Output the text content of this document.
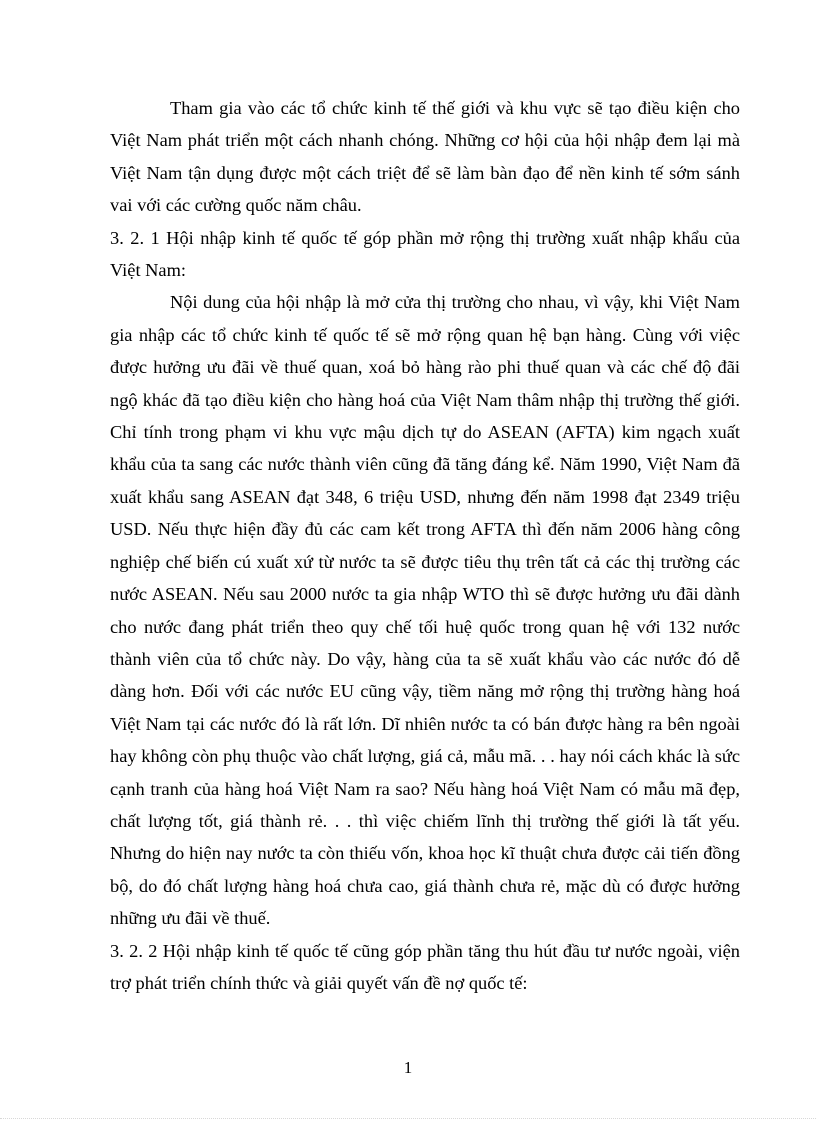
Tham gia vào các tổ chức kinh tế thế giới và khu vực sẽ tạo điều kiện cho Việt Nam phát triển một cách nhanh chóng. Những cơ hội của hội nhập đem lại mà Việt Nam tận dụng được một cách triệt để sẽ làm bàn đạo để nền kinh tế sớm sánh vai với các cường quốc năm châu.

3. 2. 1 Hội nhập kinh tế quốc tế góp phần mở rộng thị trường xuất nhập khẩu của Việt Nam:

Nội dung của hội nhập là mở cửa thị trường cho nhau, vì vậy, khi Việt Nam gia nhập các tổ chức kinh tế quốc tế sẽ mở rộng quan hệ bạn hàng. Cùng với việc được hưởng ưu đãi về thuế quan, xoá bỏ hàng rào phi thuế quan và các chế độ đãi ngộ khác đã tạo điều kiện cho hàng hoá của Việt Nam thâm nhập thị trường thế giới. Chỉ tính trong phạm vi khu vực mậu dịch tự do ASEAN (AFTA) kim ngạch xuất khẩu của ta sang các nước thành viên cũng đã tăng đáng kể. Năm 1990, Việt Nam đã xuất khẩu sang ASEAN đạt 348, 6 triệu USD, nhưng đến năm 1998 đạt 2349 triệu USD. Nếu thực hiện đầy đủ các cam kết trong AFTA thì đến năm 2006 hàng công nghiệp chế biến cú xuất xứ từ nước ta sẽ được tiêu thụ trên tất cả các thị trường các nước ASEAN. Nếu sau 2000 nước ta gia nhập WTO thì sẽ được hưởng ưu đãi dành cho nước đang phát triển theo quy chế tối huệ quốc trong quan hệ với 132 nước thành viên của tổ chức này. Do vậy, hàng của ta sẽ xuất khẩu vào các nước đó dễ dàng hơn. Đối với các nước EU cũng vậy, tiềm năng mở rộng thị trường hàng hoá Việt Nam tại các nước đó là rất lớn. Dĩ nhiên nước ta có bán được hàng ra bên ngoài hay không còn phụ thuộc vào chất lượng, giá cả, mẫu mã. . . hay nói cách khác là sức cạnh tranh của hàng hoá Việt Nam ra sao? Nếu hàng hoá Việt Nam có mẫu mã đẹp, chất lượng tốt, giá thành rẻ. . . thì việc chiếm lĩnh thị trường thế giới là tất yếu. Nhưng do hiện nay nước ta còn thiếu vốn, khoa học kĩ thuật chưa được cải tiến đồng bộ, do đó chất lượng hàng hoá chưa cao, giá thành chưa rẻ, mặc dù có được hưởng những ưu đãi về thuế.

3. 2. 2 Hội nhập kinh tế quốc tế cũng góp phần tăng thu hút đầu tư nước ngoài, viện trợ phát triển chính thức và giải quyết vấn đề nợ quốc tế:

1
